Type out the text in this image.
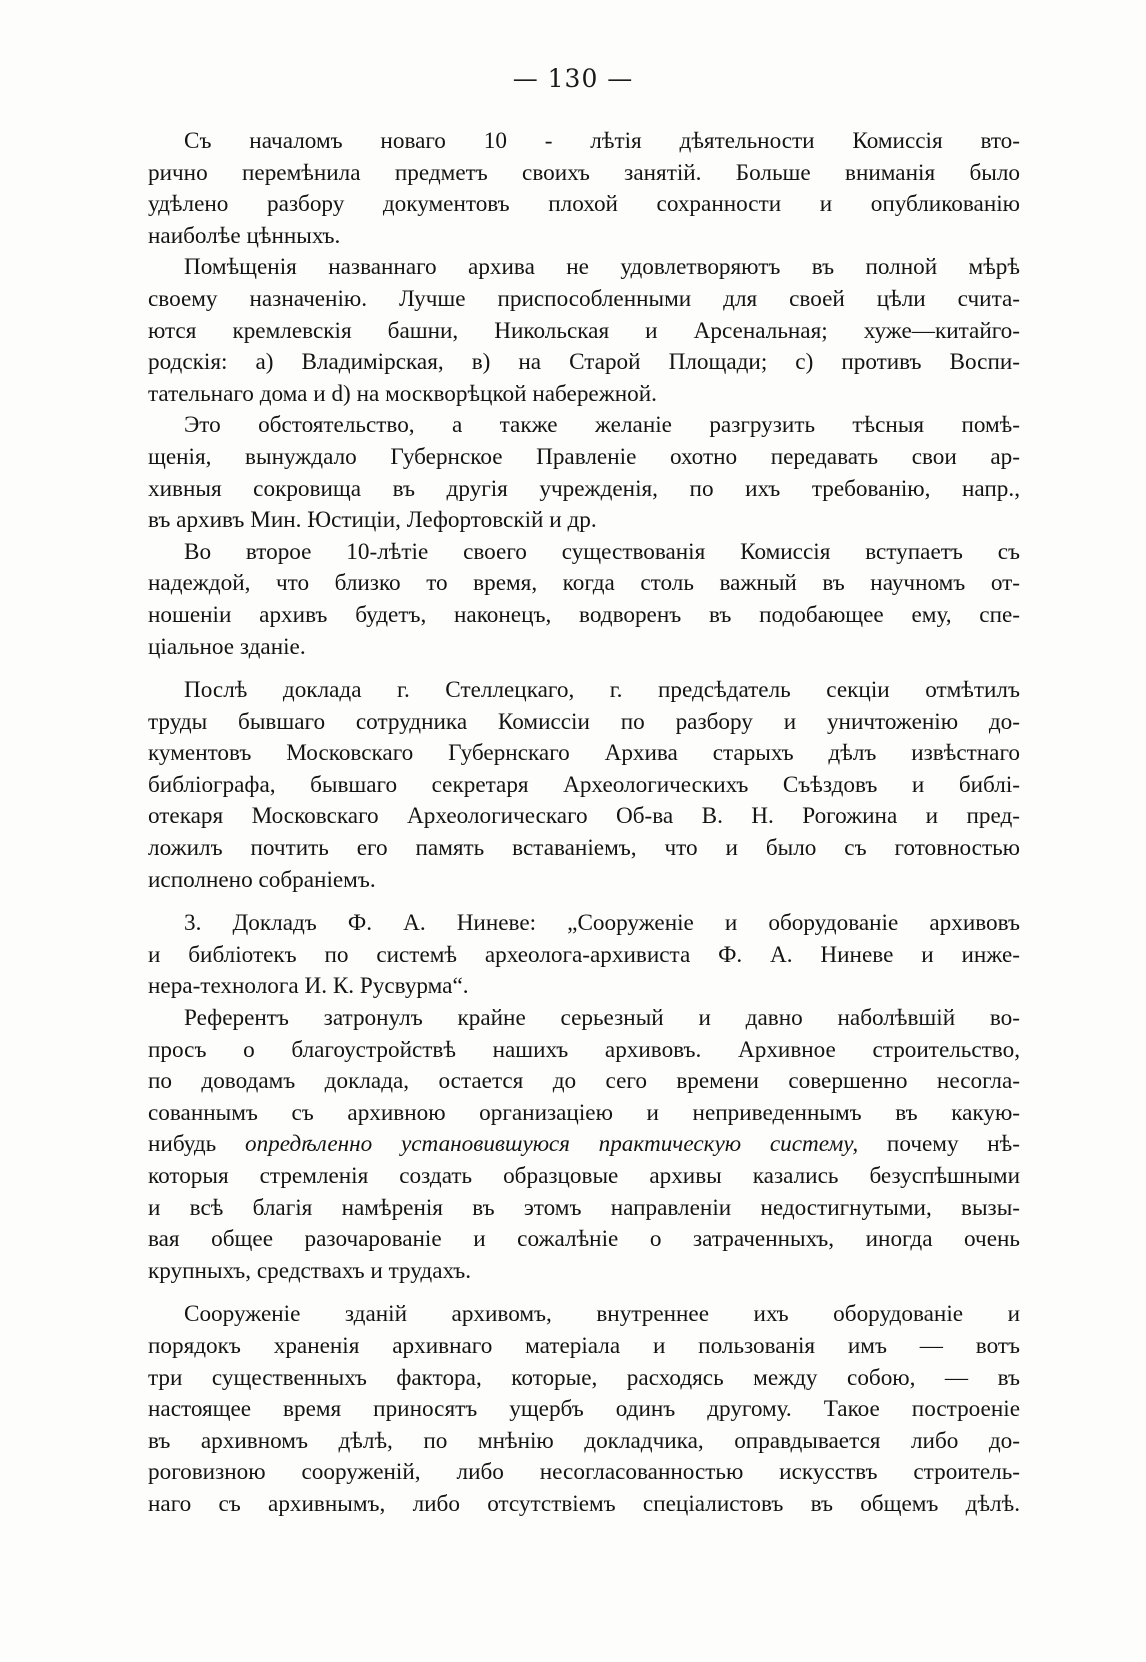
— 130 —
Съ началомъ новаго 10 - лѣтія дѣятельности Комиссія вто-
рично перемѣнила предметъ своихъ занятій. Больше вниманія было
удѣлено разбору документовъ плохой сохранности и опубликованію
наиболѣе цѣнныхъ.
Помѣщенія названнаго архива не удовлетворяютъ въ полной мѣрѣ
своему назначенію. Лучше приспособленными для своей цѣли счита-
ются кремлевскія башни, Никольская и Арсенальная; хуже—китайго-
родскія: а) Владимірская, в) на Старой Площади; с) противъ Воспи-
тательнаго дома и d) на москворѣцкой набережной.
Это обстоятельство, а также желаніе разгрузить тѣсныя помѣ-
щенія, вынуждало Губернское Правленіе охотно передавать свои ар-
хивныя сокровища въ другія учрежденія, по ихъ требованію, напр.,
въ архивъ Мин. Юстиціи, Лефортовскій и др.
Во второе 10-лѣтіе своего существованія Комиссія вступаетъ съ
надеждой, что близко то время, когда столь важный въ научномъ от-
ношеніи архивъ будетъ, наконецъ, водворенъ въ подобающее ему, спе-
ціальное зданіе.
Послѣ доклада г. Стеллецкаго, г. предсѣдатель секціи отмѣтилъ
труды бывшаго сотрудника Комиссіи по разбору и уничтоженію до-
кументовъ Московскаго Губернскаго Архива старыхъ дѣлъ извѣстнаго
библіографа, бывшаго секретаря Археологическихъ Съѣздовъ и библі-
отекаря Московскаго Археологическаго Об-ва В. Н. Рогожина и пред-
ложилъ почтить его память вставаніемъ, что и было съ готовностью
исполнено собраніемъ.
3. Докладъ Ф. А. Ниневе: „Сооруженіе и оборудованіе архивовъ
и библіотекъ по системѣ археолога-архивиста Ф. А. Ниневе и инже-
нера-технолога И. К. Русвурма“.
Референтъ затронулъ крайне серьезный и давно наболѣвшій во-
просъ о благоустройствѣ нашихъ архивовъ. Архивное строительство,
по доводамъ доклада, остается до сего времени совершенно несогла-
сованнымъ съ архивною организаціею и неприведеннымъ въ какую-
нибудь опредѣленно установившуюся практическую систему, почему нѣ-
которыя стремленія создать образцовые архивы казались безуспѣшными
и всѣ благія намѣренія въ этомъ направленіи недостигнутыми, вызы-
вая общее разочарованіе и сожалѣніе о затраченныхъ, иногда очень
крупныхъ, средствахъ и трудахъ.
Сооруженіе зданій архивомъ, внутреннее ихъ оборудованіе и
порядокъ храненія архивнаго матеріала и пользованія имъ — вотъ
три существенныхъ фактора, которые, расходясь между собою, — въ
настоящее время приносятъ ущербъ одинъ другому. Такое построеніе
въ архивномъ дѣлѣ, по мнѣнію докладчика, оправдывается либо до-
роговизною сооруженій, либо несогласованностью искусствъ строитель-
наго съ архивнымъ, либо отсутствіемъ спеціалистовъ въ общемъ дѣлѣ.
